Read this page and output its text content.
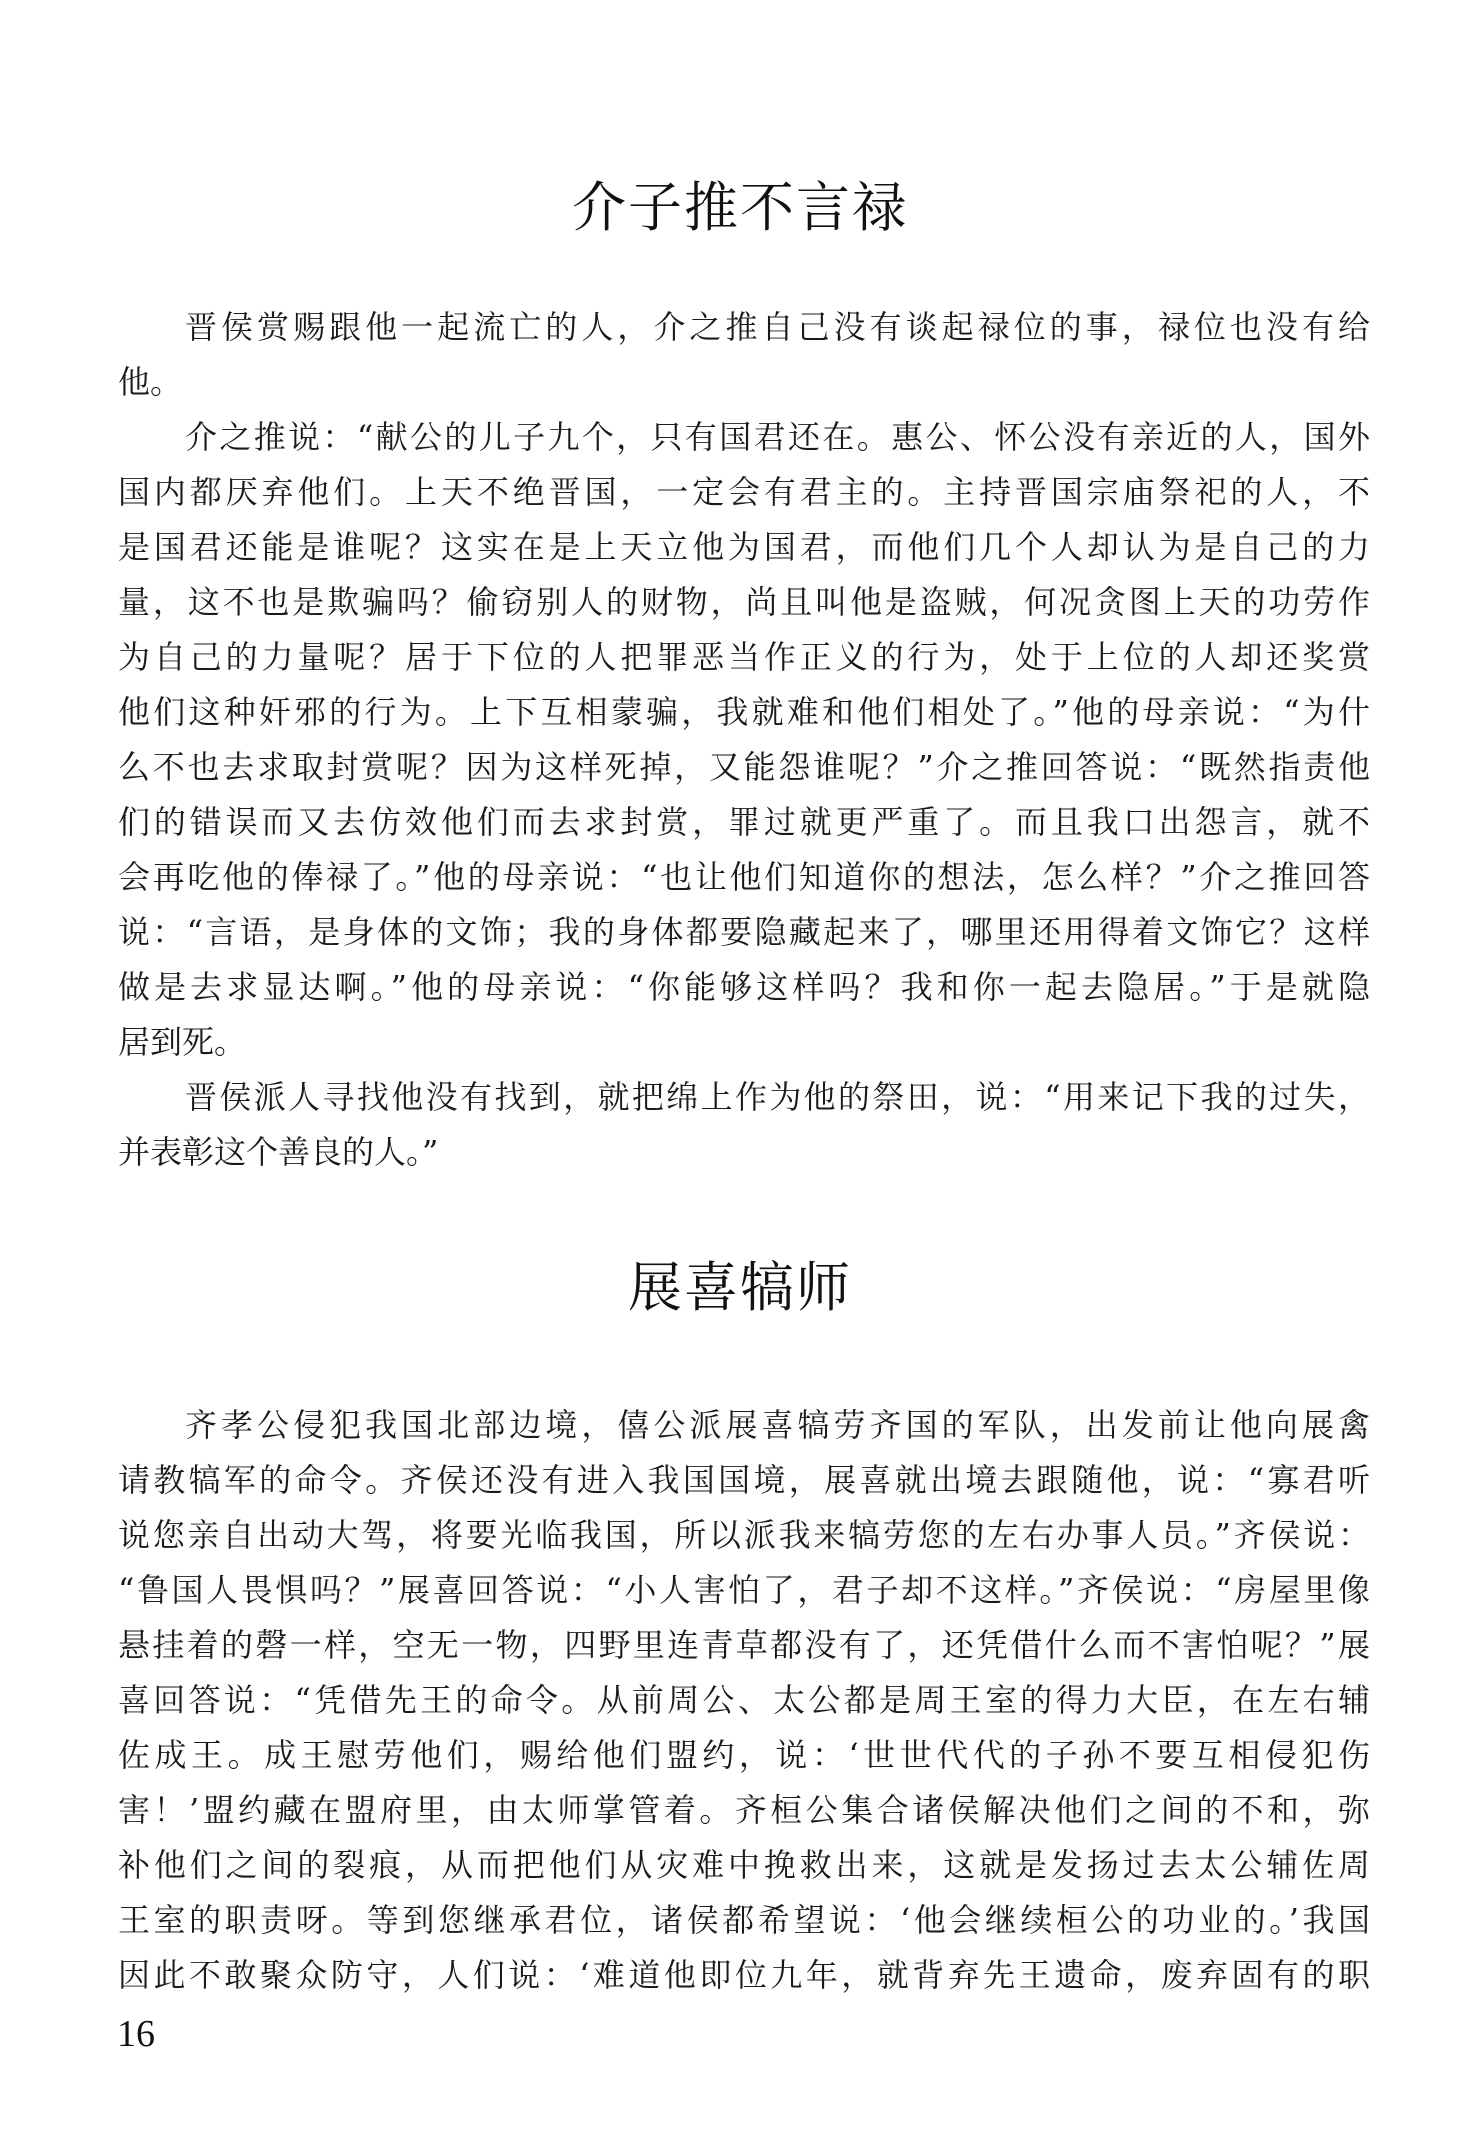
介子推不言禄
晋侯赏赐跟他一起流亡的人，介之推自己没有谈起禄位的事，禄位也没有给
他。
介之推说：“献公的儿子九个，只有国君还在。惠公、怀公没有亲近的人，国外
国内都厌弃他们。上天不绝晋国，一定会有君主的。主持晋国宗庙祭祀的人，不
是国君还能是谁呢？这实在是上天立他为国君，而他们几个人却认为是自己的力
量，这不也是欺骗吗？偷窃别人的财物，尚且叫他是盗贼，何况贪图上天的功劳作
为自己的力量呢？居于下位的人把罪恶当作正义的行为，处于上位的人却还奖赏
他们这种奸邪的行为。上下互相蒙骗，我就难和他们相处了。”他的母亲说：“为什
么不也去求取封赏呢？因为这样死掉，又能怨谁呢？”介之推回答说：“既然指责他
们的错误而又去仿效他们而去求封赏，罪过就更严重了。而且我口出怨言，就不
会再吃他的俸禄了。”他的母亲说：“也让他们知道你的想法，怎么样？”介之推回答
说：“言语，是身体的文饰；我的身体都要隐藏起来了，哪里还用得着文饰它？这样
做是去求显达啊。”他的母亲说：“你能够这样吗？我和你一起去隐居。”于是就隐
居到死。
晋侯派人寻找他没有找到，就把绵上作为他的祭田，说：“用来记下我的过失，
并表彰这个善良的人。”
展喜犒师
齐孝公侵犯我国北部边境，僖公派展喜犒劳齐国的军队，出发前让他向展禽
请教犒军的命令。齐侯还没有进入我国国境，展喜就出境去跟随他，说：“寡君听
说您亲自出动大驾，将要光临我国，所以派我来犒劳您的左右办事人员。”齐侯说：
“鲁国人畏惧吗？”展喜回答说：“小人害怕了，君子却不这样。”齐侯说：“房屋里像
悬挂着的磬一样，空无一物，四野里连青草都没有了，还凭借什么而不害怕呢？”展
喜回答说：“凭借先王的命令。从前周公、太公都是周王室的得力大臣，在左右辅
佐成王。成王慰劳他们，赐给他们盟约，说：‘世世代代的子孙不要互相侵犯伤
害！’盟约藏在盟府里，由太师掌管着。齐桓公集合诸侯解决他们之间的不和，弥
补他们之间的裂痕，从而把他们从灾难中挽救出来，这就是发扬过去太公辅佐周
王室的职责呀。等到您继承君位，诸侯都希望说：‘他会继续桓公的功业的。’我国
因此不敢聚众防守，人们说：‘难道他即位九年，就背弃先王遗命，废弃固有的职
16
